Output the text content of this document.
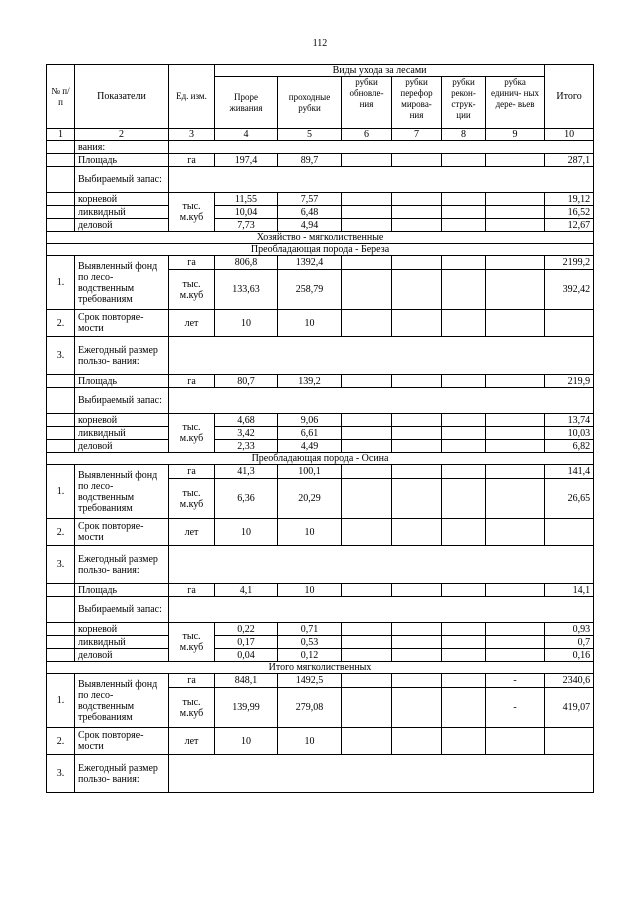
112
№ п/п	Показатели	Ед. изм.	Виды ухода за лесами						Итого
			Прорe живания	проходные рубки	рубки обновле- ния	рубки перефор мирова- ния	рубки рекон- струк- ции	рубка единич- ных дере- вьев	
1	2	3	4	5	6	7	8	9	10
	вания:								
	Площадь	га	197,4	89,7					287,1
	Выбираемый запас:								
	корневой	тыс. м.куб	11,55	7,57					19,12
	ликвидный		10,04	6,48					16,52
	деловой		7,73	4,94					12,67
Хозяйство - мягколиственные									
Преобладающая порода - Береза									
1.	Выявленный фонд по лесо- водственным требованиям	га	806,8	1392,4					2199,2
		тыс. м.куб	133,63	258,79					392,42
2.	Срок повторяе- мости	лет	10	10					
3.	Ежегодный размер пользо- вания:								
	Площадь	га	80,7	139,2					219,9
	Выбираемый запас:								
	корневой	тыс. м.куб	4,68	9,06					13,74
	ликвидный		3,42	6,61					10,03
	деловой		2,33	4,49					6,82
Преобладающая порода - Осина									
1.	Выявленный фонд по лесо- водственным требованиям	га	41,3	100,1					141,4
		тыс. м.куб	6,36	20,29					26,65
2.	Срок повторяе- мости	лет	10	10					
3.	Ежегодный размер пользо- вания:								
	Площадь	га	4,1	10					14,1
	Выбираемый запас:								
	корневой	тыс. м.куб	0,22	0,71					0,93
	ликвидный		0,17	0,53					0,7
	деловой		0,04	0,12					0,16
Итого мягколиственных									
1.	Выявленный фонд по лесо- водственным требованиям	га	848,1	1492,5				-	2340,6
		тыс. м.куб	139,99	279,08				-	419,07
2.	Срок повторяе- мости	лет	10	10					
3.	Ежегодный размер пользо- вания:								
